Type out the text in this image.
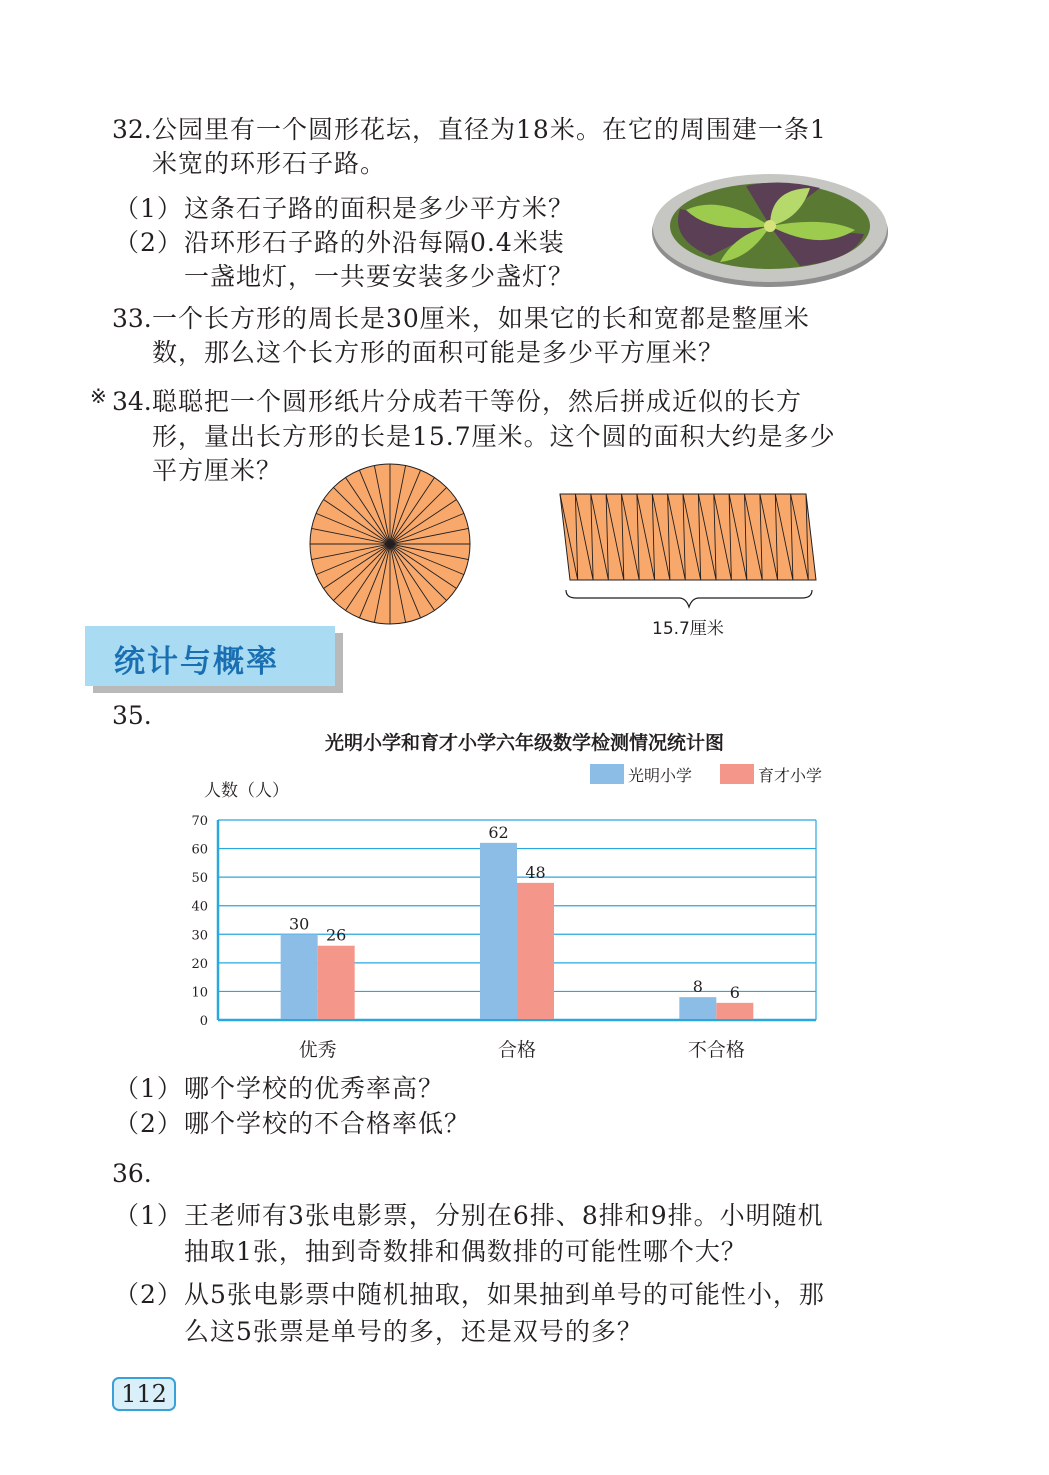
32. 公园里有一个圆形花坛，直径为18米。在它的周围建一条1
米宽的环形石子路。
（1） 这条石子路的面积是多少平方米？
（2） 沿环形石子路的外沿每隔0.4米装
一盏地灯，一共要安装多少盏灯？
33. 一个长方形的周长是30厘米，如果它的长和宽都是整厘米
数，那么这个长方形的面积可能是多少平方厘米？
※ 34. 聪聪把一个圆形纸片分成若干等份，然后拼成近似的长方
形，量出长方形的长是15.7厘米。这个圆的面积大约是多少
平方厘米？
15.7厘米
统计与概率
35.
光明小学和育才小学六年级数学检测情况统计图
人数（人）
0
10
20
30
40
50
60
70
30
26
优秀
62
48
合格
8 6
不合格
光明小学	育才小学
（1） 哪个学校的优秀率高？
（2） 哪个学校的不合格率低？
36.
（1） 王老师有3张电影票，分别在6排、8排和9排。小明随机
抽取1张，抽到奇数排和偶数排的可能性哪个大？
（2） 从5张电影票中随机抽取，如果抽到单号的可能性小，那
么这5张票是单号的多，还是双号的多？
112
